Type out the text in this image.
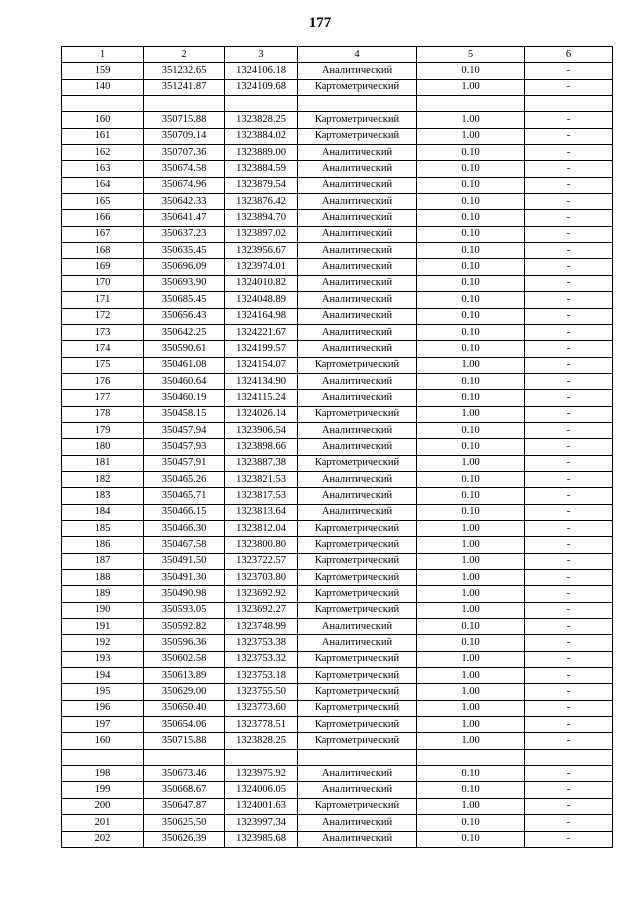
177
1	2	3	4	5	6
159	351232.65	1324106.18	Аналитический	0.10	-
140	351241.87	1324109.68	Картометрический	1.00	-

160	350715.88	1323828.25	Картометрический	1.00	-
161	350709.14	1323884.02	Картометрический	1.00	-
162	350707.36	1323889.00	Аналитический	0.10	-
163	350674.58	1323884.59	Аналитический	0.10	-
164	350674.96	1323879.54	Аналитический	0.10	-
165	350642.33	1323876.42	Аналитический	0.10	-
166	350641.47	1323894.70	Аналитический	0.10	-
167	350637.23	1323897.02	Аналитический	0.10	-
168	350635.45	1323956.67	Аналитический	0.10	-
169	350696.09	1323974.01	Аналитический	0.10	-
170	350693.90	1324010.82	Аналитический	0.10	-
171	350685.45	1324048.89	Аналитический	0.10	-
172	350656.43	1324164.98	Аналитический	0.10	-
173	350642.25	1324221.67	Аналитический	0.10	-
174	350590.61	1324199.57	Аналитический	0.10	-
175	350461.08	1324154.07	Картометрический	1.00	-
176	350460.64	1324134.90	Аналитический	0.10	-
177	350460.19	1324115.24	Аналитический	0.10	-
178	350458.15	1324026.14	Картометрический	1.00	-
179	350457.94	1323906.54	Аналитический	0.10	-
180	350457.93	1323898.66	Аналитический	0.10	-
181	350457.91	1323887.38	Картометрический	1.00	-
182	350465.26	1323821.53	Аналитический	0.10	-
183	350465.71	1323817.53	Аналитический	0.10	-
184	350466.15	1323813.64	Аналитический	0.10	-
185	350466.30	1323812.04	Картометрический	1.00	-
186	350467.58	1323800.80	Картометрический	1.00	-
187	350491.50	1323722.57	Картометрический	1.00	-
188	350491.30	1323703.80	Картометрический	1.00	-
189	350490.98	1323692.92	Картометрический	1.00	-
190	350593.05	1323692.27	Картометрический	1.00	-
191	350592.82	1323748.99	Аналитический	0.10	-
192	350596.36	1323753.38	Аналитический	0.10	-
193	350602.58	1323753.32	Картометрический	1.00	-
194	350613.89	1323753.18	Картометрический	1.00	-
195	350629.00	1323755.50	Картометрический	1.00	-
196	350650.40	1323773.60	Картометрический	1.00	-
197	350654.06	1323778.51	Картометрический	1.00	-
160	350715.88	1323828.25	Картометрический	1.00	-

198	350673.46	1323975.92	Аналитический	0.10	-
199	350668.67	1324006.05	Аналитический	0.10	-
200	350647.87	1324001.63	Картометрический	1.00	-
201	350625.50	1323997.34	Аналитический	0.10	-
202	350626.39	1323985.68	Аналитический	0.10	-
